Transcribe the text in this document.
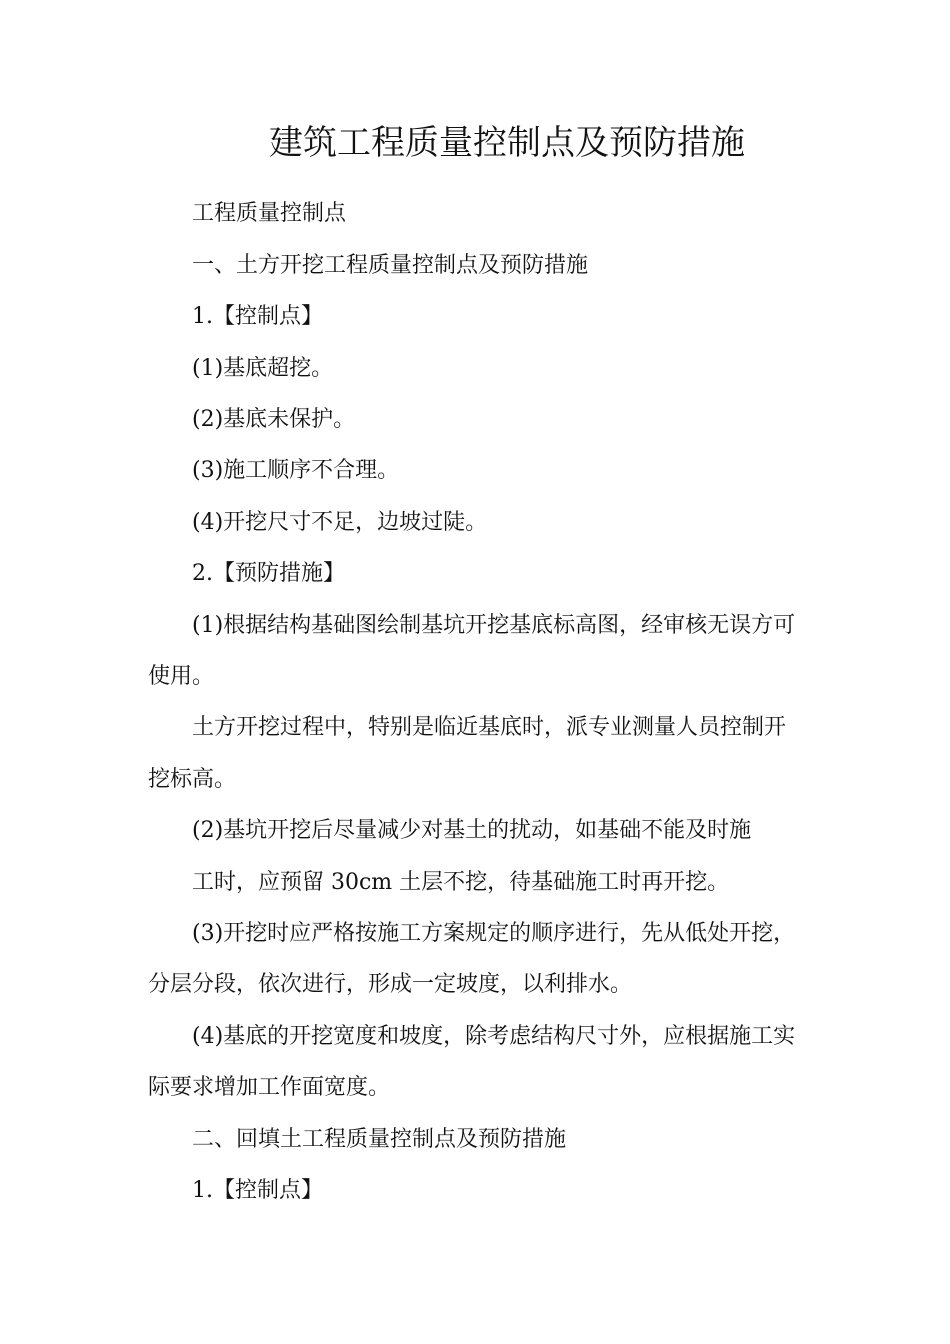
建筑工程质量控制点及预防措施
工程质量控制点
一、土方开挖工程质量控制点及预防措施
1.【控制点】
(1)基底超挖。
(2)基底未保护。
(3)施工顺序不合理。
(4)开挖尺寸不足，边坡过陡。
2.【预防措施】
(1)根据结构基础图绘制基坑开挖基底标高图，经审核无误方可
使用。
土方开挖过程中，特别是临近基底时，派专业测量人员控制开
挖标高。
(2)基坑开挖后尽量减少对基土的扰动，如基础不能及时施
工时，应预留 30cm 土层不挖，待基础施工时再开挖。
(3)开挖时应严格按施工方案规定的顺序进行，先从低处开挖，
分层分段，依次进行，形成一定坡度，以利排水。
(4)基底的开挖宽度和坡度，除考虑结构尺寸外，应根据施工实
际要求增加工作面宽度。
二、回填土工程质量控制点及预防措施
1.【控制点】
